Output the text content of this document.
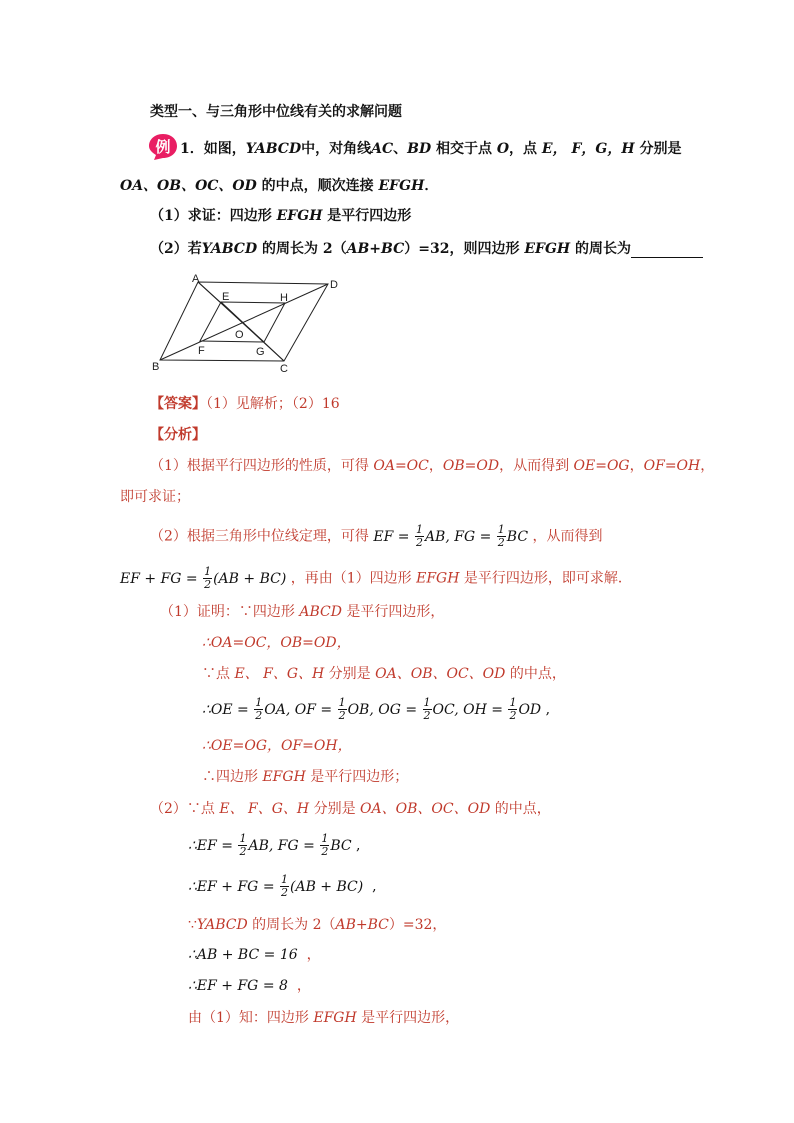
类型一、与三角形中位线有关的求解问题
例 1．如图，YABCD中，对角线AC、BD 相交于点 O，点 E， F，G，H 分别是
OA、OB、OC、OD 的中点，顺次连接 EFGH．
（1）求证：四边形 EFGH 是平行四边形
（2）若YABCD 的周长为 2（AB+BC）=32，则四边形 EFGH 的周长为
A	D
B	C
E	H
O
F	G
【答案】（1）见解析；（2）16
【分析】
（1）根据平行四边形的性质，可得 OA=OC，OB=OD，从而得到 OE=OG，OF=OH，
即可求证；
（2）根据三角形中位线定理，可得 EF = $\frac{1}{2}$ AB, FG = $\frac{1}{2}$ BC ，从而得到
EF + FG = $\frac{1}{2} (AB + BC)$ ，再由（1）四边形 EFGH 是平行四边形，即可求解．
（1）证明：∵四边形 ABCD 是平行四边形，
∴OA=OC，OB=OD，
∵点 E、 F、G、H 分别是 OA、OB、OC、OD 的中点，
∴OE = $\frac{1}{2}$ OA, OF = $\frac{1}{2}$ OB, OG = $\frac{1}{2}$ OC, OH = $\frac{1}{2}$ OD ,
∴OE=OG，OF=OH，
∴四边形 EFGH 是平行四边形；
（2）∵点 E、 F、G、H 分别是 OA、OB、OC、OD 的中点，
∴EF = $\frac{1}{2}$ AB, FG = $\frac{1}{2}$ BC ,
∴EF + FG = $\frac{1}{2} (AB + BC)$  ,
∵YABCD 的周长为 2（AB+BC）=32，
∴AB + BC = 16 ，
∴EF + FG = 8 ，
由（1）知：四边形 EFGH 是平行四边形，
